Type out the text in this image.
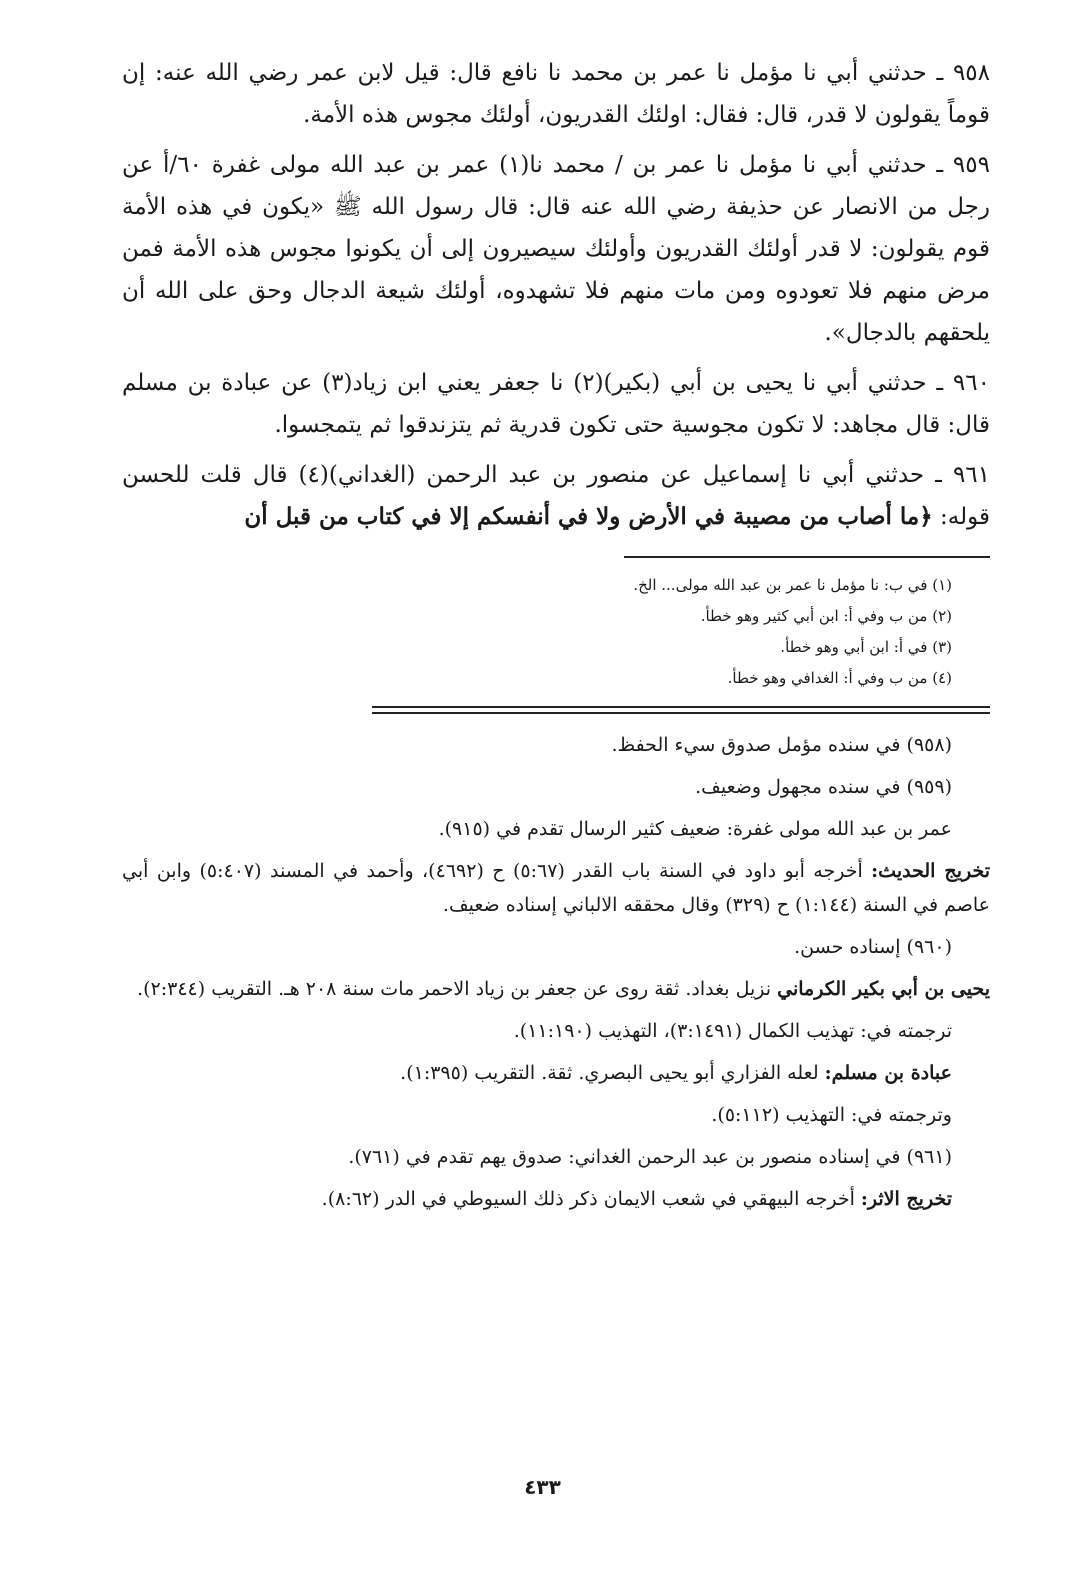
٩٥٨ ـ حدثني أبي نا مؤمل نا عمر بن محمد نا نافع قال: قيل لابن عمر رضي الله عنه: إن قوماً يقولون لا قدر، قال: فقال: اولئك القدريون، أولئك مجوس هذه الأمة.

٩٥٩ ـ حدثني أبي نا مؤمل نا عمر بن / محمد نا(١) عمر بن عبد الله مولى غفرة ٦٠/أ عن رجل من الانصار عن حذيفة رضي الله عنه قال: قال رسول الله ﷺ «يكون في هذه الأمة قوم يقولون: لا قدر أولئك القدريون وأولئك سيصيرون إلى أن يكونوا مجوس هذه الأمة فمن مرض منهم فلا تعودوه ومن مات منهم فلا تشهدوه، أولئك شيعة الدجال وحق على الله أن يلحقهم بالدجال».

٩٦٠ ـ حدثني أبي نا يحيى بن أبي (بكير)(٢) نا جعفر يعني ابن زياد(٣) عن عبادة بن مسلم قال: قال مجاهد: لا تكون مجوسية حتى تكون قدرية ثم يتزندقوا ثم يتمجسوا.

٩٦١ ـ حدثني أبي نا إسماعيل عن منصور بن عبد الرحمن (الغداني)(٤) قال قلت للحسن قوله: ﴿ما أصاب من مصيبة في الأرض ولا في أنفسكم إلا في كتاب من قبل أن

(١) في ب: نا مؤمل نا عمر بن عبد الله مولى... الخ.

(٢) من ب وفي أ: ابن أبي كثير وهو خطأ.

(٣) في أ: ابن أبي وهو خطأ.

(٤) من ب وفي أ: الغدافي وهو خطأ.

(٩٥٨) في سنده مؤمل صدوق سيء الحفظ.

(٩٥٩) في سنده مجهول وضعيف.

عمر بن عبد الله مولى غفرة: ضعيف كثير الرسال تقدم في (٩١٥).

تخريج الحديث: أخرجه أبو داود في السنة باب القدر (٥:٦٧) ح (٤٦٩٢)، وأحمد في المسند (٥:٤٠٧) وابن أبي عاصم في السنة (١:١٤٤) ح (٣٢٩) وقال محققه الالباني إسناده ضعيف.

(٩٦٠) إسناده حسن.

يحيى بن أبي بكير الكرماني نزيل بغداد. ثقة روى عن جعفر بن زياد الاحمر مات سنة ٢٠٨ هـ. التقريب (٢:٣٤٤).

ترجمته في: تهذيب الكمال (٣:١٤٩١)، التهذيب (١١:١٩٠).

عبادة بن مسلم: لعله الفزاري أبو يحيى البصري. ثقة. التقريب (١:٣٩٥).

وترجمته في: التهذيب (٥:١١٢).

(٩٦١) في إسناده منصور بن عبد الرحمن الغداني: صدوق يهم تقدم في (٧٦١).

تخريج الاثر: أخرجه البيهقي في شعب الايمان ذكر ذلك السيوطي في الدر (٨:٦٢).

٤٣٣
